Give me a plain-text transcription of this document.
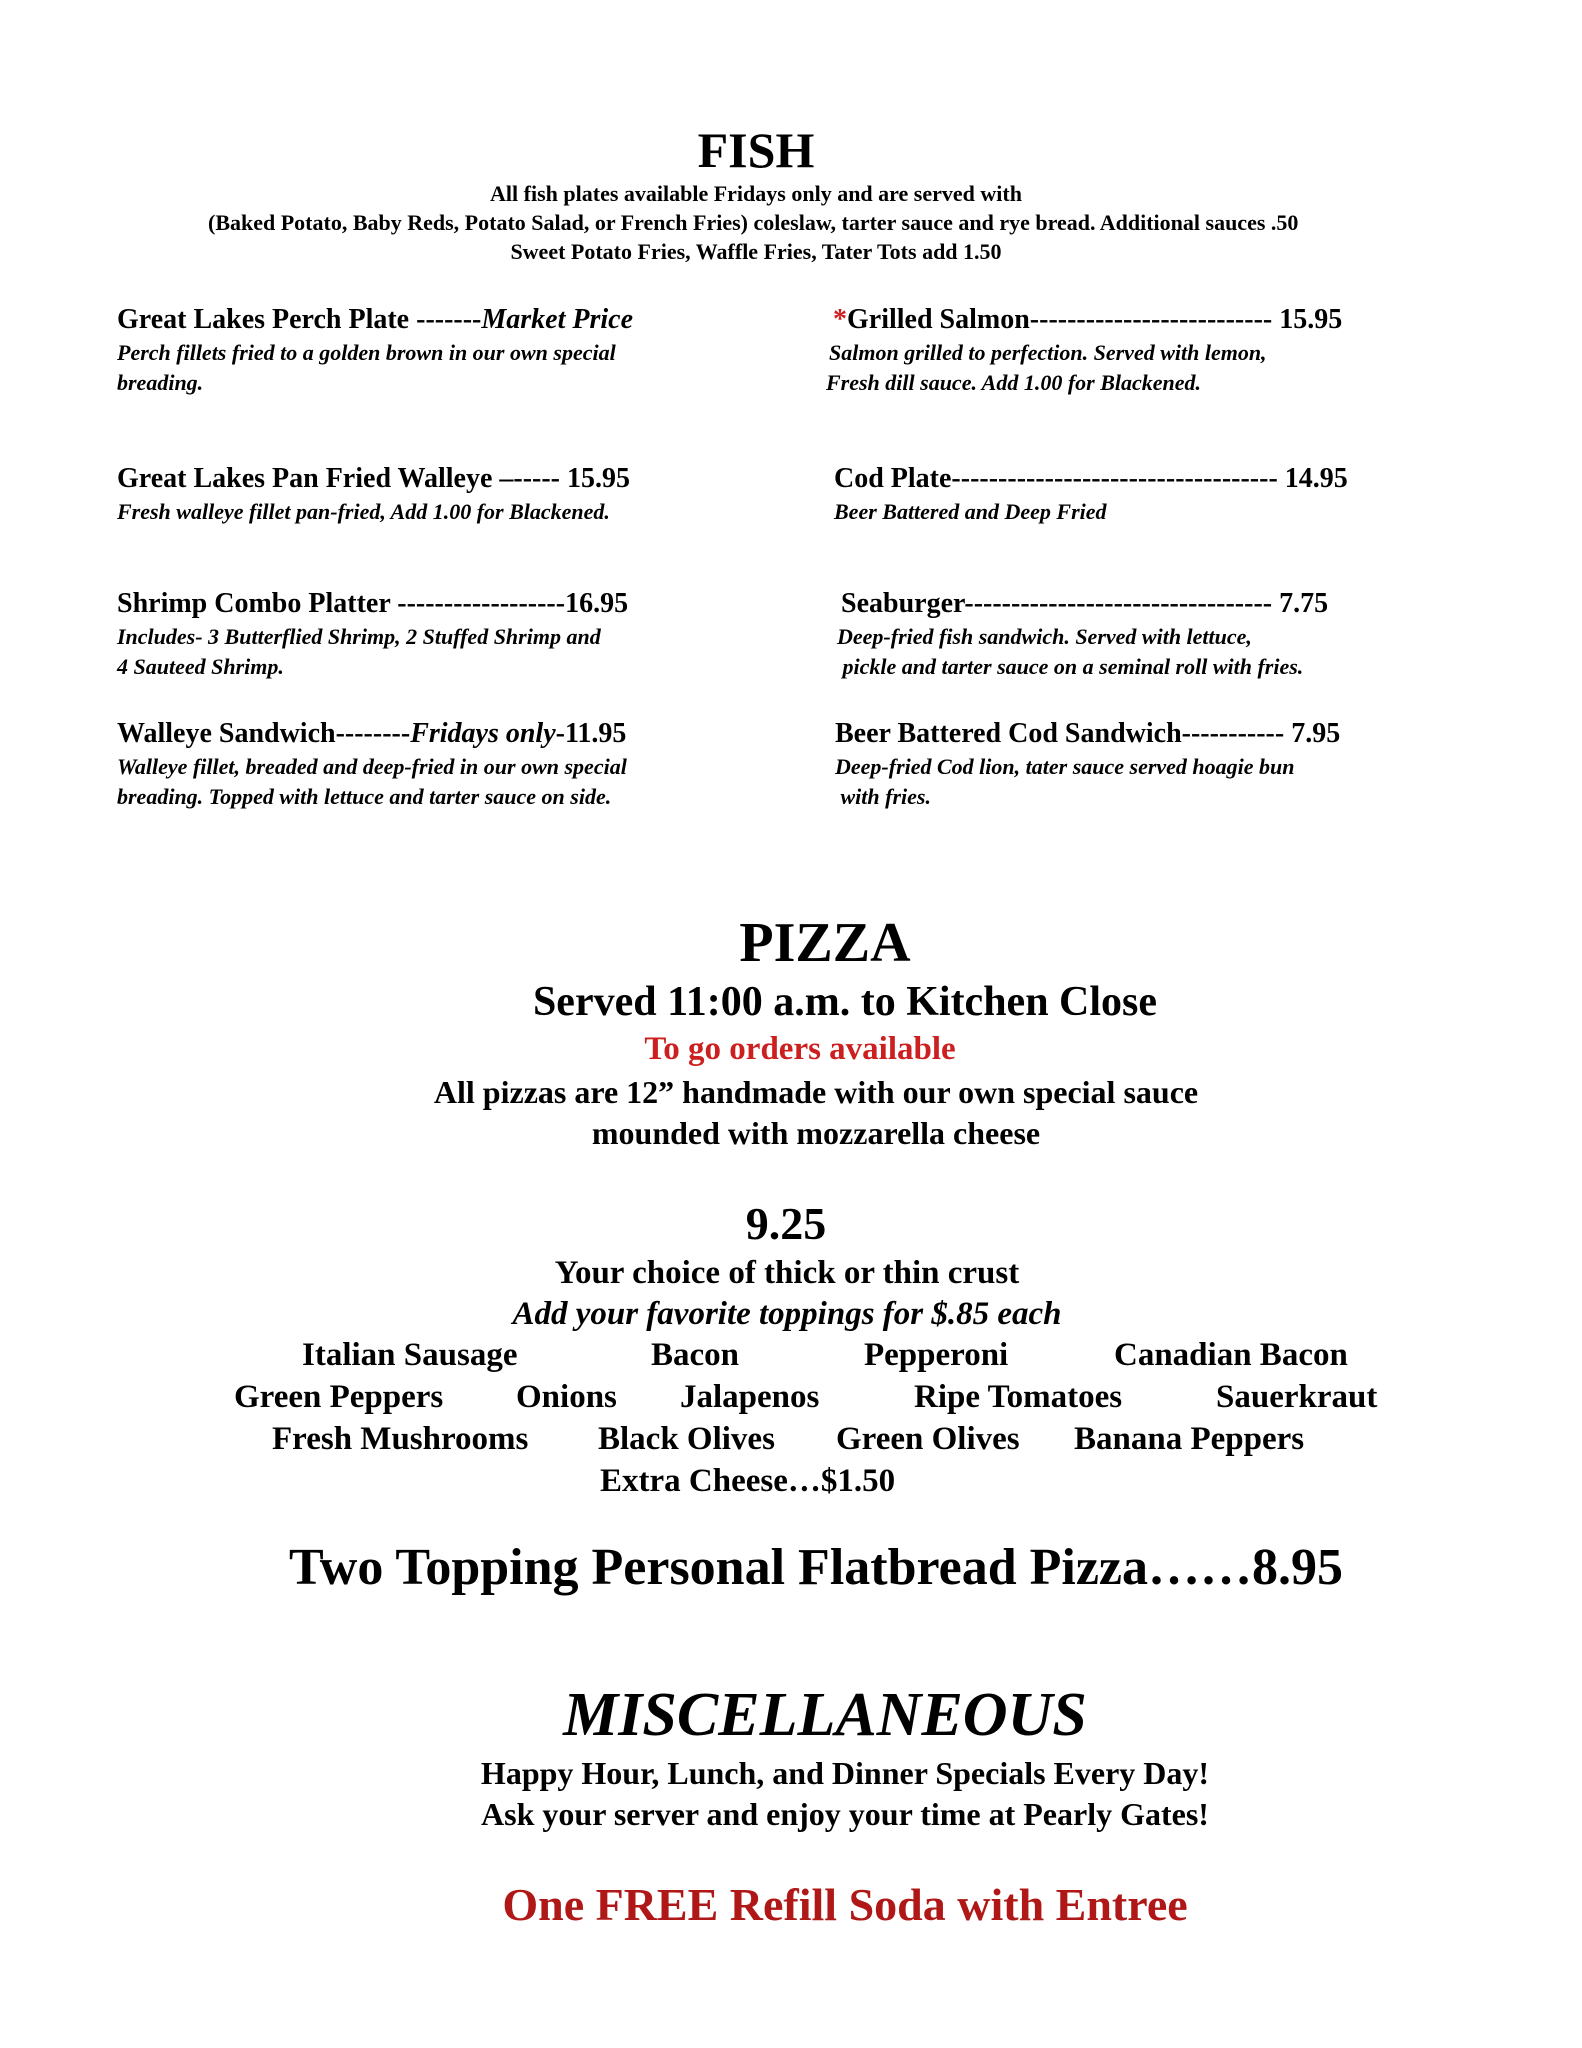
FISH
All fish plates available Fridays only and are served with
(Baked Potato, Baby Reds, Potato Salad, or French Fries) coleslaw, tarter sauce and rye bread. Additional sauces .50
Sweet Potato Fries, Waffle Fries, Tater Tots add 1.50
Great Lakes Perch Plate -------Market Price
Perch fillets fried to a golden brown in our own special
breading.
Great Lakes Pan Fried Walleye –----- 15.95
Fresh walleye fillet pan-fried, Add 1.00 for Blackened.
Shrimp Combo Platter ------------------16.95
Includes- 3 Butterflied Shrimp, 2 Stuffed Shrimp and
4 Sauteed Shrimp.
Walleye Sandwich--------Fridays only-11.95
Walleye fillet, breaded and deep-fried in our own special
breading. Topped with lettuce and tarter sauce on side.
*Grilled Salmon-------------------------- 15.95
Salmon grilled to perfection. Served with lemon,
Fresh dill sauce. Add 1.00 for Blackened.
Cod Plate----------------------------------- 14.95
Beer Battered and Deep Fried
Seaburger--------------------------------- 7.75
Deep-fried fish sandwich. Served with lettuce,
pickle and tarter sauce on a seminal roll with fries.
Beer Battered Cod Sandwich----------- 7.95
Deep-fried Cod lion, tater sauce served hoagie bun
with fries.
PIZZA
Served 11:00 a.m. to Kitchen Close
To go orders available
All pizzas are 12” handmade with our own special sauce
mounded with mozzarella cheese
9.25
Your choice of thick or thin crust
Add your favorite toppings for $.85 each
Italian Sausage	Bacon	Pepperoni	Canadian Bacon
Green Peppers Onions Jalapenos	Ripe Tomatoes	Sauerkraut
Fresh Mushrooms Black Olives Green Olives Banana Peppers
Extra Cheese…$1.50
Two Topping Personal Flatbread Pizza……8.95
MISCELLANEOUS
Happy Hour, Lunch, and Dinner Specials Every Day!
Ask your server and enjoy your time at Pearly Gates!
One FREE Refill Soda with Entree
